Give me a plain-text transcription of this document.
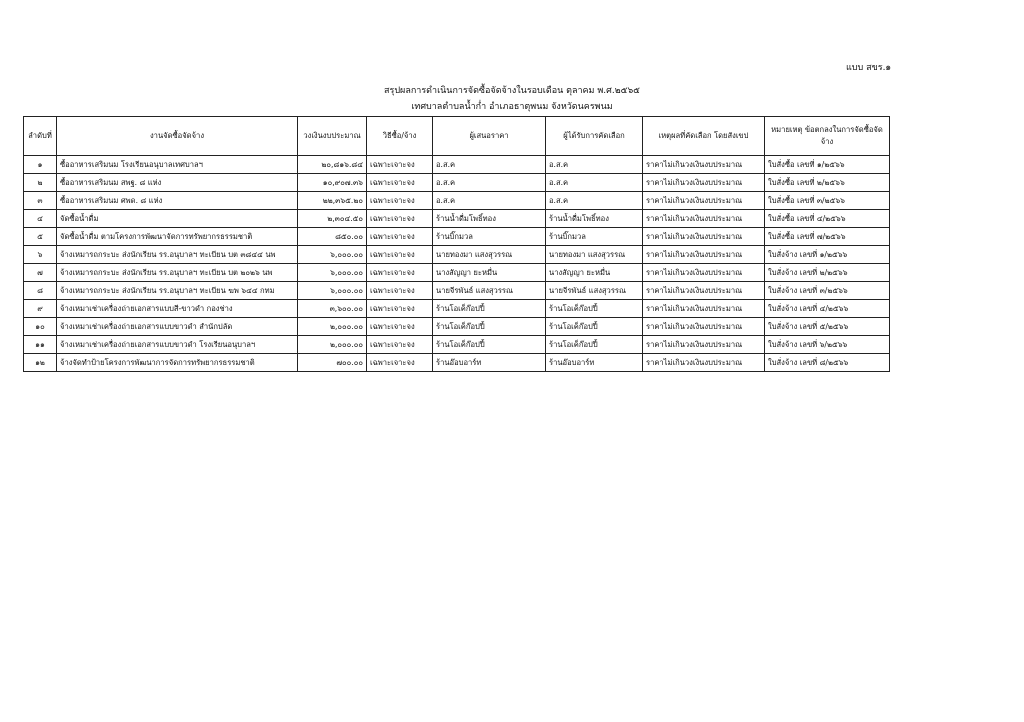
แบบ สขร.๑
สรุปผลการดำเนินการจัดซื้อจัดจ้างในรอบเดือน ตุลาคม พ.ศ.๒๕๖๕
เทศบาลตำบลน้ำก่ำ อำเภอธาตุพนม จังหวัดนครพนม
ลำดับที่	งานจัดซื้อจัดจ้าง	วงเงินงบประมาณ	วิธีซื้อ/จ้าง	ผู้เสนอราคา	ผู้ได้รับการคัดเลือก	เหตุผลที่คัดเลือก โดยสังเขป	หมายเหตุ ข้อตกลงในการจัดซื้อจัดจ้าง
๑	ซื้ออาหารเสริมนม โรงเรียนอนุบาลเทศบาลฯ	๒๐,๘๑๖.๘๔	เฉพาะเจาะจง	อ.ส.ค	อ.ส.ค	ราคาไม่เกินวงเงินงบประมาณ	ใบสั่งซื้อ เลขที่ ๑/๒๕๖๖
๒	ซื้ออาหารเสริมนม สพฐ. ๘ แห่ง	๑๐,๙๐๗.๓๖	เฉพาะเจาะจง	อ.ส.ค	อ.ส.ค	ราคาไม่เกินวงเงินงบประมาณ	ใบสั่งซื้อ เลขที่ ๒/๒๕๖๖
๓	ซื้ออาหารเสริมนม ศพด. ๘ แห่ง	๒๒,๓๖๕.๒๐	เฉพาะเจาะจง	อ.ส.ค	อ.ส.ค	ราคาไม่เกินวงเงินงบประมาณ	ใบสั่งซื้อ เลขที่ ๓/๒๕๖๖
๔	จัดซื้อน้ำดื่ม	๒,๓๐๔.๕๐	เฉพาะเจาะจง	ร้านน้ำดื่มโพธิ์ทอง	ร้านน้ำดื่มโพธิ์ทอง	ราคาไม่เกินวงเงินงบประมาณ	ใบสั่งซื้อ เลขที่ ๔/๒๕๖๖
๕	จัดซื้อน้ำดื่ม ตามโครงการพัฒนาจัดการทรัพยากรธรรมชาติ	๘๕๐.๐๐	เฉพาะเจาะจง	ร้านบิ๊กมวล	ร้านบิ๊กมวล	ราคาไม่เกินวงเงินงบประมาณ	ใบสั่งซื้อ เลขที่ ๗/๒๕๖๖
๖	จ้างเหมารถกระบะ ส่งนักเรียน รร.อนุบาลฯ ทะเบียน บต ๓๘๔๔ นพ	๖,๐๐๐.๐๐	เฉพาะเจาะจง	นายทองมา แสงสุวรรณ	นายทองมา แสงสุวรรณ	ราคาไม่เกินวงเงินงบประมาณ	ใบสั่งจ้าง เลขที่ ๑/๒๕๖๖
๗	จ้างเหมารถกระบะ ส่งนักเรียน รร.อนุบาลฯ ทะเบียน บต ๒๐๒๖ นพ	๖,๐๐๐.๐๐	เฉพาะเจาะจง	นางสัญญา ยะหมื่น	นางสัญญา ยะหมื่น	ราคาไม่เกินวงเงินงบประมาณ	ใบสั่งจ้าง เลขที่ ๒/๒๕๖๖
๘	จ้างเหมารถกระบะ ส่งนักเรียน รร.อนุบาลฯ ทะเบียน ฆพ ๖๔๔ กทม	๖,๐๐๐.๐๐	เฉพาะเจาะจง	นายจีรพันธ์ แสงสุวรรณ	นายจีรพันธ์ แสงสุวรรณ	ราคาไม่เกินวงเงินงบประมาณ	ใบสั่งจ้าง เลขที่ ๓/๒๕๖๖
๙	จ้างเหมาเช่าเครื่องถ่ายเอกสารแบบสี-ขาวดำ กองช่าง	๓,๖๐๐.๐๐	เฉพาะเจาะจง	ร้านโอเค็ก๊อปปี้	ร้านโอเค็ก๊อปปี้	ราคาไม่เกินวงเงินงบประมาณ	ใบสั่งจ้าง เลขที่ ๔/๒๕๖๖
๑๐	จ้างเหมาเช่าเครื่องถ่ายเอกสารแบบขาวดำ สำนักปลัด	๒,๐๐๐.๐๐	เฉพาะเจาะจง	ร้านโอเค็ก๊อปปี้	ร้านโอเค็ก๊อปปี้	ราคาไม่เกินวงเงินงบประมาณ	ใบสั่งจ้าง เลขที่ ๕/๒๕๖๖
๑๑	จ้างเหมาเช่าเครื่องถ่ายเอกสารแบบขาวดำ โรงเรียนอนุบาลฯ	๒,๐๐๐.๐๐	เฉพาะเจาะจง	ร้านโอเค็ก๊อปปี้	ร้านโอเค็ก๊อปปี้	ราคาไม่เกินวงเงินงบประมาณ	ใบสั่งจ้าง เลขที่ ๖/๒๕๖๖
๑๒	จ้างจัดทำป้ายโครงการพัฒนาการจัดการทรัพยากรธรรมชาติ	๗๐๐.๐๐	เฉพาะเจาะจง	ร้านอ๊อบอาร์ท	ร้านอ๊อบอาร์ท	ราคาไม่เกินวงเงินงบประมาณ	ใบสั่งจ้าง เลขที่ ๘/๒๕๖๖
